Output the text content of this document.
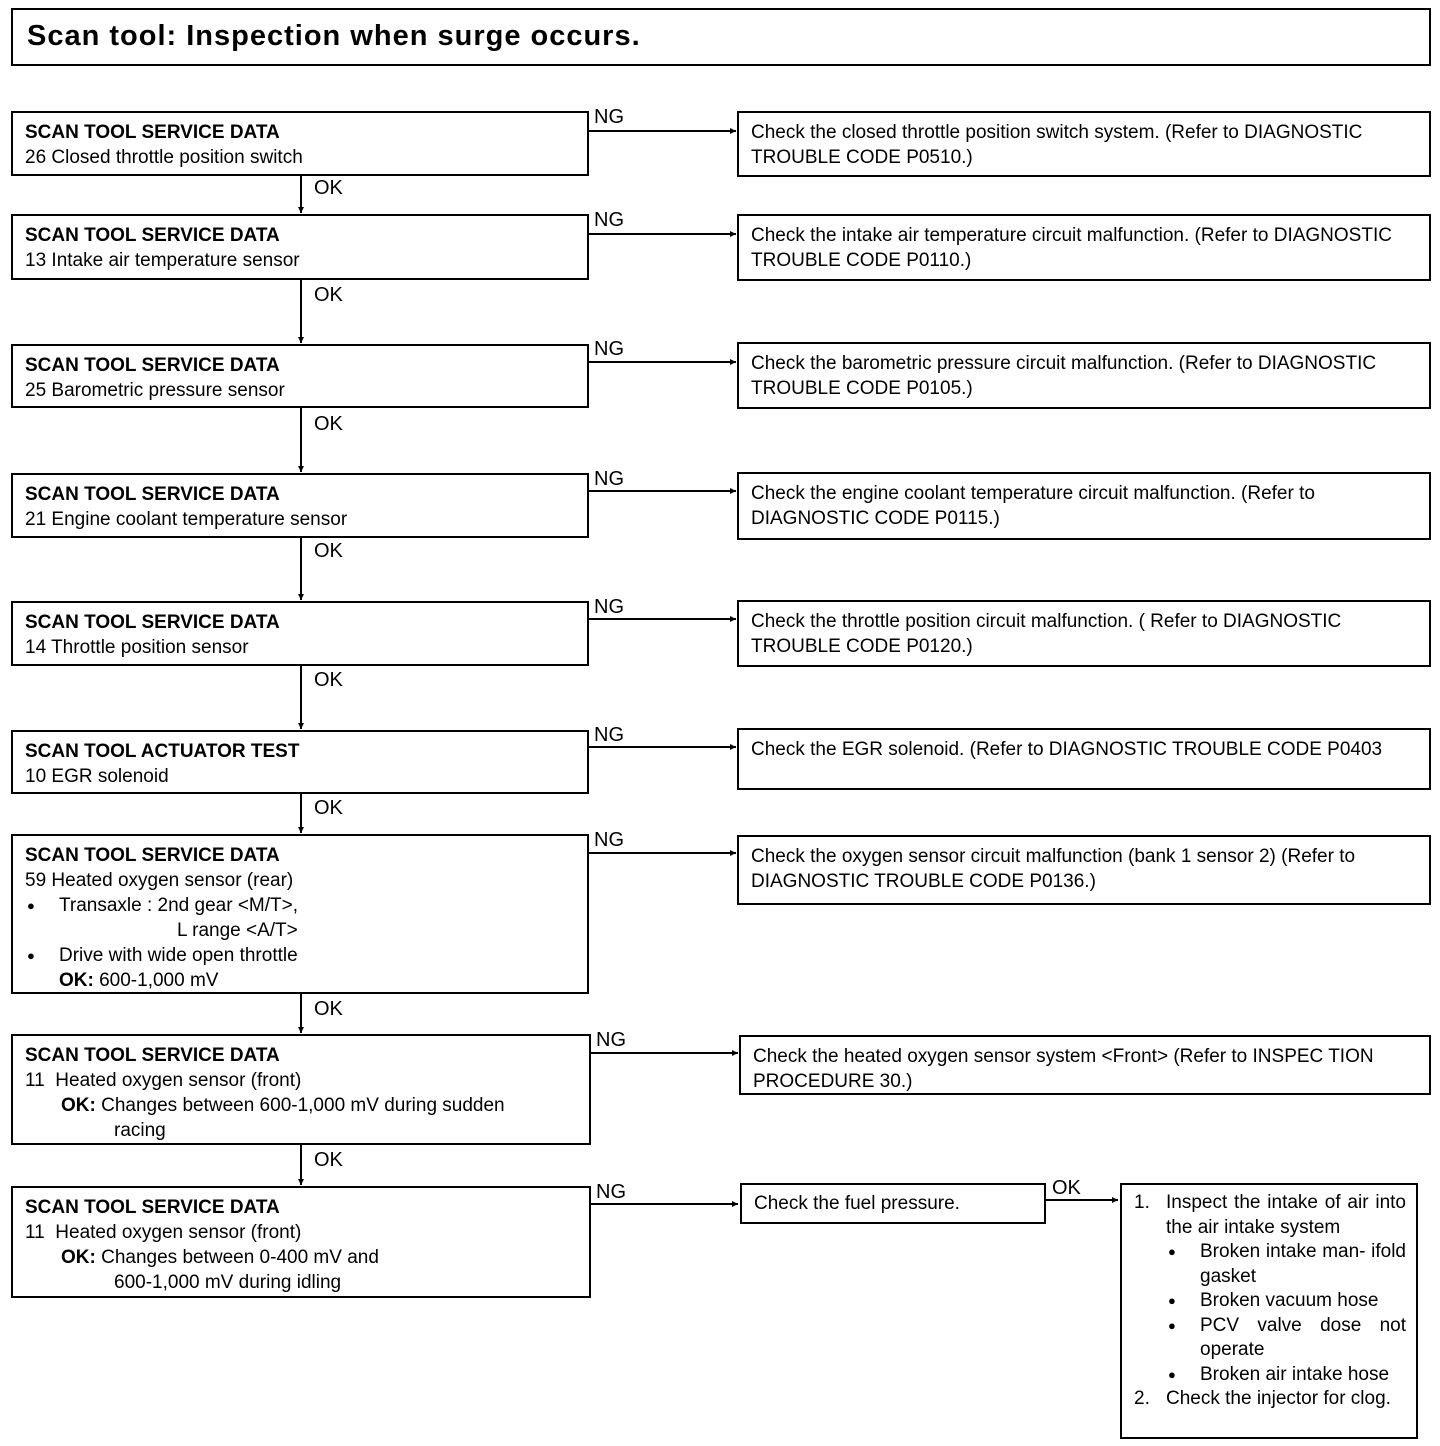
Scan tool: Inspection when surge occurs.
SCAN TOOL SERVICE DATA
26 Closed throttle position switch
SCAN TOOL SERVICE DATA
13 Intake air temperature sensor
SCAN TOOL SERVICE DATA
25 Barometric pressure sensor
SCAN TOOL SERVICE DATA
21 Engine coolant temperature sensor
SCAN TOOL SERVICE DATA
14 Throttle position sensor
SCAN TOOL ACTUATOR TEST
10 EGR solenoid
SCAN TOOL SERVICE DATA
59 Heated oxygen sensor (rear)
● Transaxle : 2nd gear <M/T>,
L range <A/T>
● Drive with wide open throttle
OK: 600-1,000 mV
SCAN TOOL SERVICE DATA
11  Heated oxygen sensor (front)
OK: Changes between 600-1,000 mV during sudden
racing
SCAN TOOL SERVICE DATA
11  Heated oxygen sensor (front)
OK: Changes between 0-400 mV and
600-1,000 mV during idling
Check the closed throttle position switch system. (Refer to DIAGNOSTIC TROUBLE CODE P0510.)
Check the intake air temperature circuit malfunction. (Refer to DIAGNOSTIC TROUBLE CODE P0110.)
Check the barometric pressure circuit malfunction. (Refer to DIAGNOSTIC TROUBLE CODE P0105.)
Check the engine coolant temperature circuit malfunction. (Refer to DIAGNOSTIC CODE P0115.)
Check the throttle position circuit malfunction. ( Refer to DIAGNOSTIC TROUBLE CODE P0120.)
Check the EGR solenoid. (Refer to DIAGNOSTIC TROUBLE CODE P0403
Check the oxygen sensor circuit malfunction (bank 1 sensor 2) (Refer to DIAGNOSTIC TROUBLE CODE P0136.)
Check the heated oxygen sensor system <Front> (Refer to INSPEC TION PROCEDURE 30.)
Check the fuel pressure.	1. Inspect the intake of air into the air intake system
● Broken intake man- ifold gasket
● Broken vacuum hose
● PCV valve dose not operate
● Broken air intake hose
2. Check the injector for clog.
NG
NG
NG
NG
NG
NG
NG
NG
NG
OK
OK
OK
OK
OK
OK
OK
OK
OK
